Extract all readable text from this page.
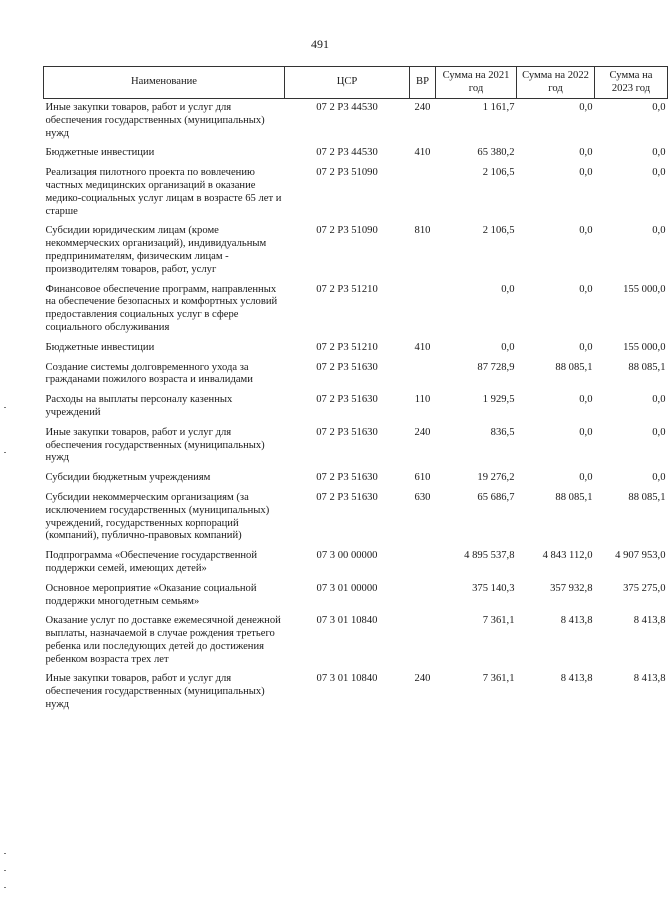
491
Наименование	ЦСР	ВР	Сумма на 2021 год	Сумма на 2022 год	Сумма на 2023 год
Иные закупки товаров, работ и услуг для обеспечения государственных (муниципальных) нужд	07 2 Р3 44530	240	1 161,7	0,0	0,0
Бюджетные инвестиции	07 2 Р3 44530	410	65 380,2	0,0	0,0
Реализация пилотного проекта по вовлечению частных медицинских организаций в оказание медико-социальных услуг лицам в возрасте 65 лет и старше	07 2 Р3 51090		2 106,5	0,0	0,0
Субсидии юридическим лицам (кроме некоммерческих организаций), индивидуальным предпринимателям, физическим лицам - производителям товаров, работ, услуг	07 2 Р3 51090	810	2 106,5	0,0	0,0
Финансовое обеспечение программ, направленных на обеспечение безопасных и комфортных условий предоставления социальных услуг в сфере социального обслуживания	07 2 Р3 51210		0,0	0,0	155 000,0
Бюджетные инвестиции	07 2 Р3 51210	410	0,0	0,0	155 000,0
Создание системы долговременного ухода за гражданами пожилого возраста и инвалидами	07 2 Р3 51630		87 728,9	88 085,1	88 085,1
Расходы на выплаты персоналу казенных учреждений	07 2 Р3 51630	110	1 929,5	0,0	0,0
Иные закупки товаров, работ и услуг для обеспечения государственных (муниципальных) нужд	07 2 Р3 51630	240	836,5	0,0	0,0
Субсидии бюджетным учреждениям	07 2 Р3 51630	610	19 276,2	0,0	0,0
Субсидии некоммерческим организациям (за исключением государственных (муниципальных) учреждений, государственных корпораций (компаний), публично-правовых компаний)	07 2 Р3 51630	630	65 686,7	88 085,1	88 085,1
Подпрограмма «Обеспечение государственной поддержки семей, имеющих детей»	07 3 00 00000		4 895 537,8	4 843 112,0	4 907 953,0
Основное мероприятие «Оказание социальной поддержки многодетным семьям»	07 3 01 00000		375 140,3	357 932,8	375 275,0
Оказание услуг по доставке ежемесячной денежной выплаты, назначаемой в случае рождения третьего ребенка или последующих детей до достижения ребенком возраста трех лет	07 3 01 10840		7 361,1	8 413,8	8 413,8
Иные закупки товаров, работ и услуг для обеспечения государственных (муниципальных) нужд	07 3 01 10840	240	7 361,1	8 413,8	8 413,8
